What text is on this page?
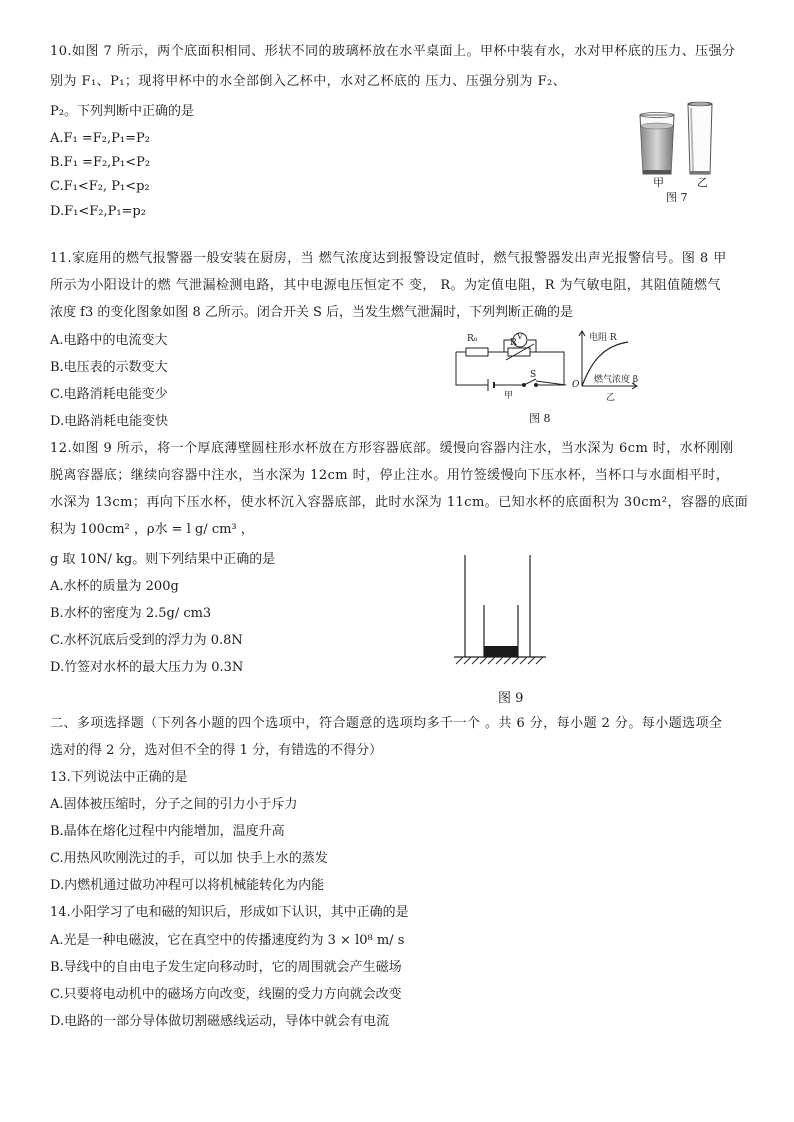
10.如图 7 所示，两个底面积相同、形状不同的玻璃杯放在水平桌面上。甲杯中装有水，水对甲杯底的压力、压强分
别为 F₁、P₁；现将甲杯中的水全部倒入乙杯中，水对乙杯底的 压力、压强分别为 F₂、
P₂。下列判断中正确的是
A.F₁ =F₂,P₁=P₂
B.F₁ =F₂,P₁<P₂
C.F₁<F₂, P₁<p₂
D.F₁<F₂,P₁=p₂
甲	乙
图 7
11.家庭用的燃气报警器一般安装在厨房，当 燃气浓度达到报警设定值时，燃气报警器发出声光报警信号。图 8 甲
所示为小阳设计的燃 气泄漏检测电路，其中电源电压恒定不 变， R。为定值电阻，R 为气敏电阻，其阻值随燃气
浓度 f3 的变化图象如图 8 乙所示。闭合开关 S 后，当发生燃气泄漏时，下列判断正确的是
A.电路中的电流变大
B.电压表的示数变大
C.电路消耗电能变少
D.电路消耗电能变快
R₀	R
V
S
甲
电阻 R
燃气浓度 β
O
乙
图 8
12.如图 9 所示，将一个厚底薄壁圆柱形水杯放在方形容器底部。缓慢向容器内注水，当水深为 6cm 时，水杯刚刚
脱离容器底；继续向容器中注水，当水深为 12cm 时，停止注水。用竹签缓慢向下压水杯，当杯口与水面相平时，
水深为 13cm；再向下压水杯，使水杯沉入容器底部，此时水深为 11cm。已知水杯的底面积为 30cm²，容器的底面
积为 100cm² ，ρ水 = l g/ cm³ ，
g 取 10N/ kg。则下列结果中正确的是
A.水杯的质量为 200g
B.水杯的密度为 2.5g/ cm3
C.水杯沉底后受到的浮力为 0.8N
D.竹签对水杯的最大压力为 0.3N
图 9
二、多项选择题（下列各小题的四个选项中，符合题意的选项均多千一个 。共 6 分，每小题 2 分。每小题选项全
选对的得 2 分，选对但不全的得 1 分，有错选的不得分）
13.下列说法中正确的是
A.固体被压缩时，分子之间的引力小于斥力
B.晶体在熔化过程中内能增加，温度升高
C.用热风吹刚洗过的手，可以加 快手上水的蒸发
D.内燃机通过做功冲程可以将机械能转化为内能
14.小阳学习了电和磁的知识后，形成如下认识，其中正确的是
A.光是一种电磁波，它在真空中的传播速度约为 3 × l0⁸ m/ s
B.导线中的自由电子发生定向移动时，它的周围就会产生磁场
C.只要将电动机中的磁场方向改变，线圈的受力方向就会改变
D.电路的一部分导体做切割磁感线运动，导体中就会有电流
